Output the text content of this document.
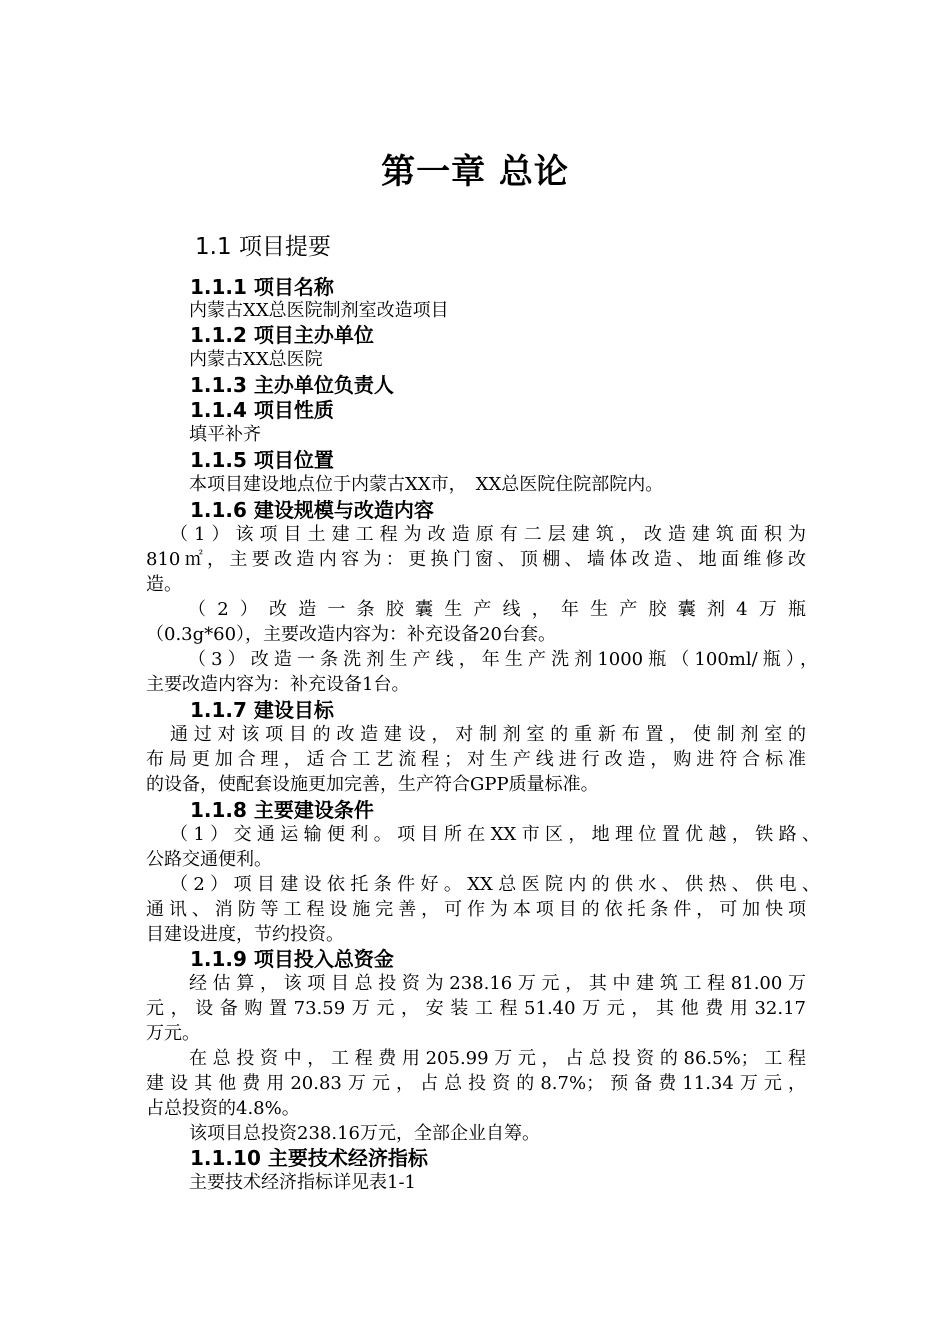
第一章 总论
1.1 项目提要
1.1.1 项目名称
内蒙古XX总医院制剂室改造项目
1.1.2 项目主办单位
内蒙古XX总医院
1.1.3 主办单位负责人
1.1.4 项目性质
填平补齐
1.1.5 项目位置
本项目建设地点位于内蒙古XX市，　XX总医院住院部院内。
1.1.6 建设规模与改造内容
（1）该项目土建工程为改造原有二层建筑，改造建筑面积为
810㎡，主要改造内容为：更换门窗、顶棚、墙体改造、地面维修改
造。
（2）改造一条胶囊生产线，年生产胶囊剂4万瓶
（0.3g*60），主要改造内容为：补充设备20台套。
（3）改造一条洗剂生产线，年生产洗剂1000瓶（100ml/瓶），
主要改造内容为：补充设备1台。
1.1.7 建设目标
通过对该项目的改造建设，对制剂室的重新布置，使制剂室的
布局更加合理，适合工艺流程；对生产线进行改造，购进符合标准
的设备，使配套设施更加完善，生产符合GPP质量标准。
1.1.8 主要建设条件
（1）交通运输便利。项目所在XX市区，地理位置优越，铁路、
公路交通便利。
（2）项目建设依托条件好。XX总医院内的供水、供热、供电、
通讯、消防等工程设施完善，可作为本项目的依托条件，可加快项
目建设进度，节约投资。
1.1.9 项目投入总资金
经估算，该项目总投资为238.16万元，其中建筑工程81.00万
元，设备购置73.59万元，安装工程51.40万元，其他费用32.17
万元。
在总投资中，工程费用205.99万元，占总投资的86.5%；工程
建设其他费用20.83万元，占总投资的8.7%；预备费11.34万元，
占总投资的4.8%。
该项目总投资238.16万元，全部企业自筹。
1.1.10 主要技术经济指标
主要技术经济指标详见表1-1
